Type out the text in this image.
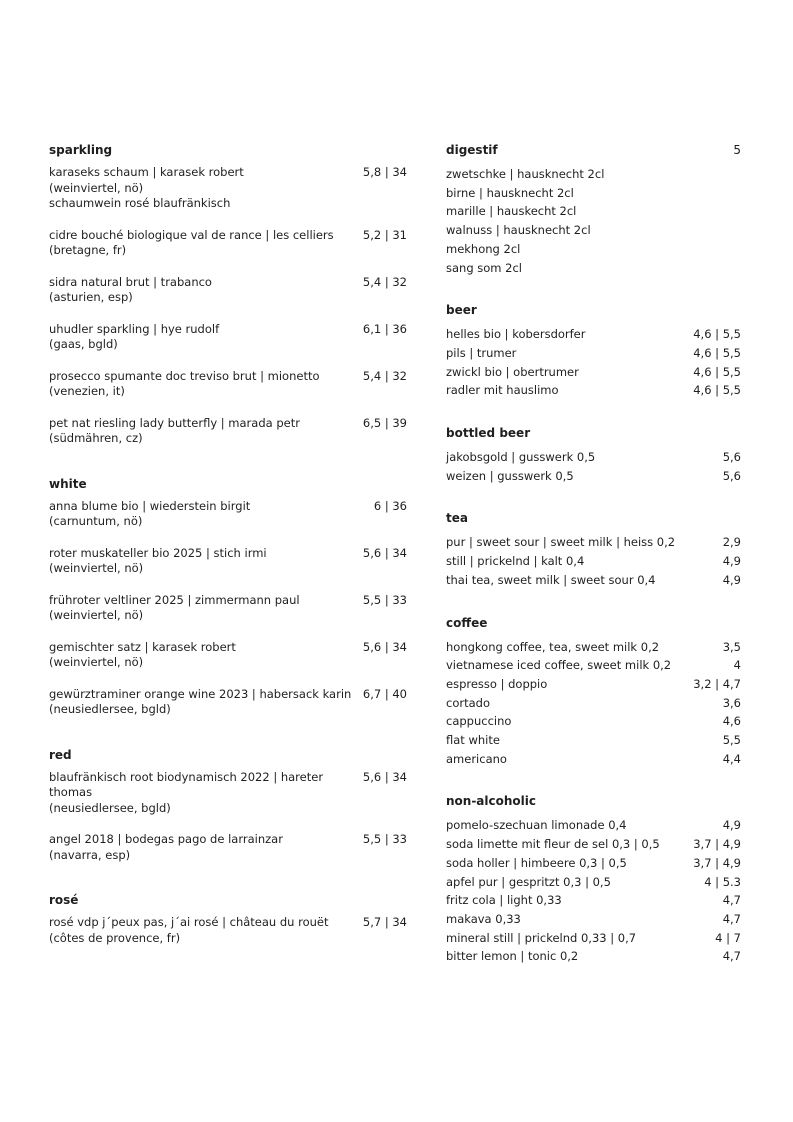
sparkling
karaseks schaum | karasek robert	5,8 | 34
(weinviertel, nö)
schaumwein rosé blaufränkisch
cidre bouché biologique val de rance | les celliers	5,2 | 31
(bretagne, fr)
sidra natural brut | trabanco	5,4 | 32
(asturien, esp)
uhudler sparkling | hye rudolf	6,1 | 36
(gaas, bgld)
prosecco spumante doc treviso brut | mionetto	5,4 | 32
(venezien, it)
pet nat riesling lady butterfly | marada petr	6,5 | 39
(südmähren, cz)
white
anna blume bio | wiederstein birgit	6 | 36
(carnuntum, nö)
roter muskateller bio 2025 | stich irmi	5,6 | 34
(weinviertel, nö)
frühroter veltliner 2025 | zimmermann paul	5,5 | 33
(weinviertel, nö)
gemischter satz | karasek robert	5,6 | 34
(weinviertel, nö)
gewürztraminer orange wine 2023 | habersack karin 6,7 | 40
(neusiedlersee, bgld)
red
blaufränkisch root biodynamisch 2022 | hareter thomas
5,6 | 34
(neusiedlersee, bgld)
angel 2018 | bodegas pago de larrainzar	5,5 | 33
(navarra, esp)
rosé
rosé vdp j´peux pas, j´ai rosé | château du rouët	5,7 | 34
(côtes de provence, fr)
digestif	5
zwetschke | hausknecht 2cl
birne | hausknecht 2cl
marille | hauskecht 2cl
walnuss | hausknecht 2cl
mekhong 2cl
sang som 2cl
beer
helles bio | kobersdorfer	4,6 | 5,5
pils | trumer	4,6 | 5,5
zwickl bio | obertrumer	4,6 | 5,5
radler mit hauslimo	4,6 | 5,5
bottled beer
jakobsgold | gusswerk 0,5	5,6
weizen | gusswerk 0,5	5,6
tea
pur | sweet sour | sweet milk | heiss 0,2	2,9
still | prickelnd | kalt 0,4	4,9
thai tea, sweet milk | sweet sour 0,4	4,9
coffee
hongkong coffee, tea, sweet milk 0,2	3,5
vietnamese iced coffee, sweet milk 0,2	4
espresso | doppio	3,2 | 4,7
cortado	3,6
cappuccino	4,6
flat white	5,5
americano	4,4
non-alcoholic
pomelo-szechuan limonade 0,4	4,9
soda limette mit fleur de sel 0,3 | 0,5	3,7 | 4,9
soda holler | himbeere 0,3 | 0,5	3,7 | 4,9
apfel pur | gespritzt 0,3 | 0,5	4 | 5.3
fritz cola | light 0,33	4,7
makava 0,33	4,7
mineral still | prickelnd 0,33 | 0,7	4 | 7
bitter lemon | tonic 0,2	4,7
